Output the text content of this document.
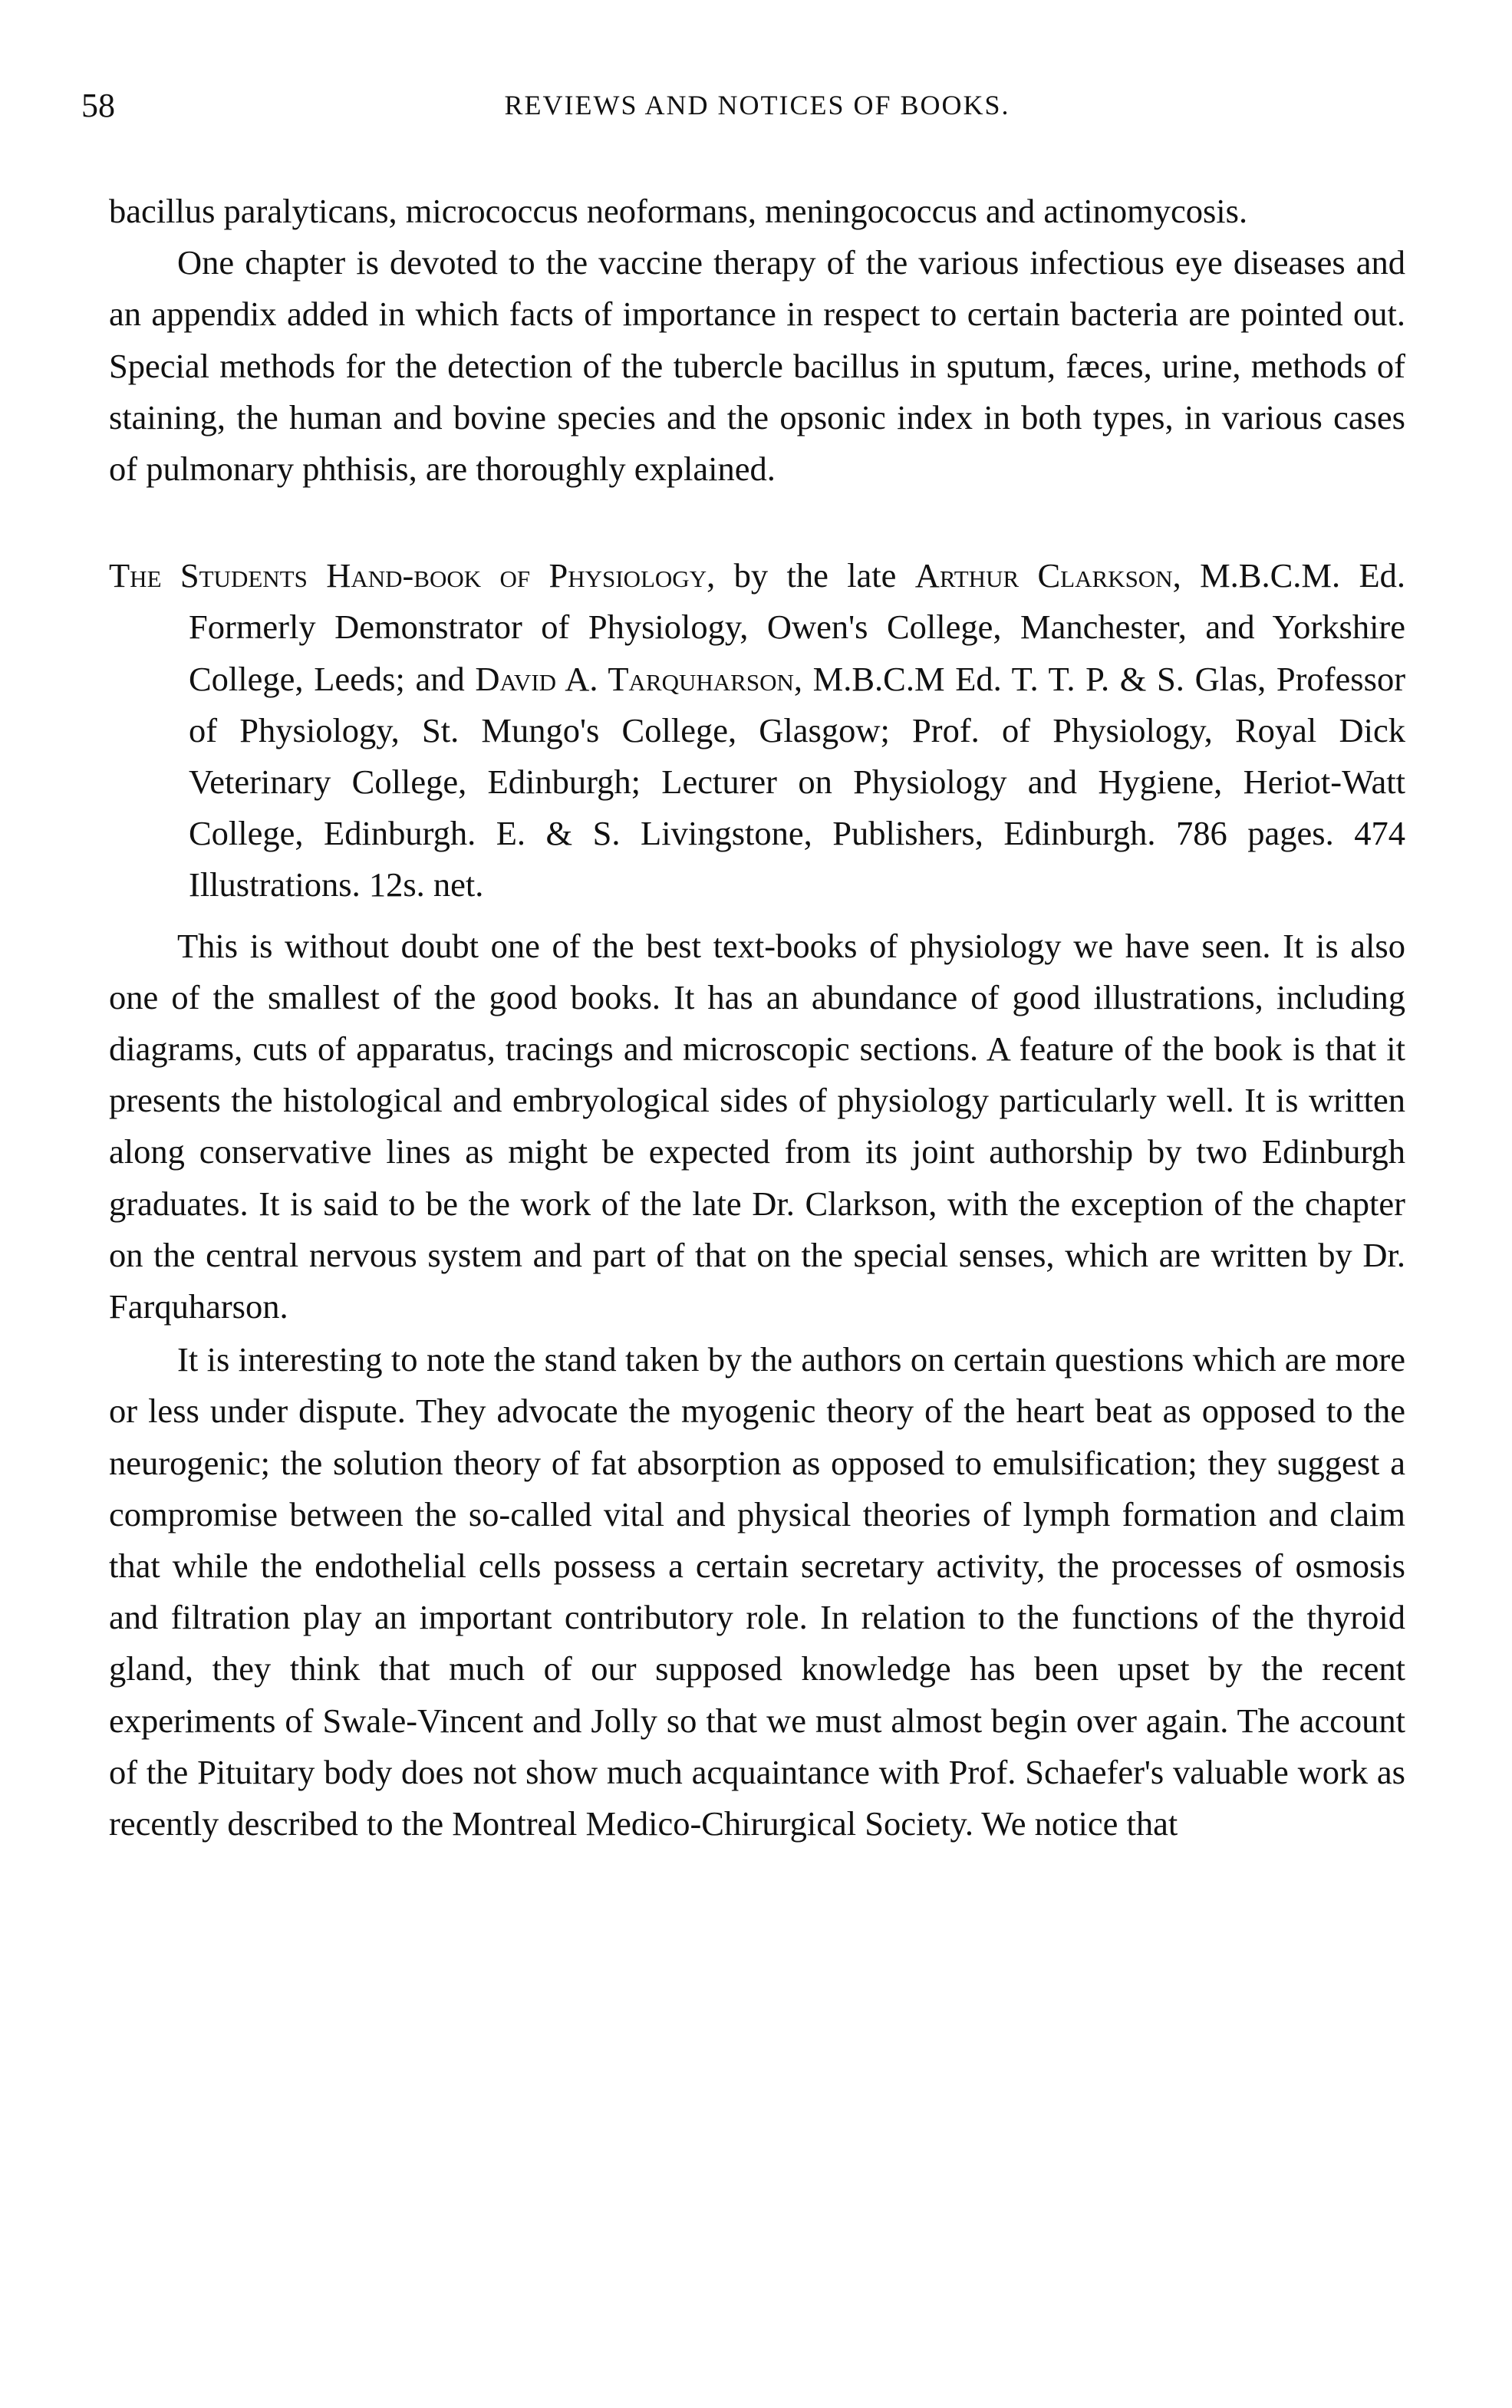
58	REVIEWS AND NOTICES OF BOOKS.

bacillus paralyticans, micrococcus neoformans, meningococcus and actinomycosis.

One chapter is devoted to the vaccine therapy of the various infectious eye diseases and an appendix added in which facts of importance in respect to certain bacteria are pointed out. Special methods for the detection of the tubercle bacillus in sputum, fæces, urine, methods of staining, the human and bovine species and the opsonic index in both types, in various cases of pulmonary phthisis, are thoroughly explained.

The Students Hand-book of Physiology, by the late Arthur Clarkson, M.B.C.M. Ed. Formerly Demonstrator of Physiology, Owen's College, Manchester, and Yorkshire College, Leeds; and David A. Tarquharson, M.B.C.M Ed. T. T. P. & S. Glas, Professor of Physiology, St. Mungo's College, Glasgow; Prof. of Physiology, Royal Dick Veterinary College, Edinburgh; Lecturer on Physiology and Hygiene, Heriot-Watt College, Edinburgh. E. & S. Livingstone, Publishers, Edinburgh. 786 pages. 474 Illustrations. 12s. net.

This is without doubt one of the best text-books of physiology we have seen. It is also one of the smallest of the good books. It has an abundance of good illustrations, including diagrams, cuts of apparatus, tracings and microscopic sections. A feature of the book is that it presents the histological and embryological sides of physiology particularly well. It is written along conservative lines as might be expected from its joint authorship by two Edinburgh graduates. It is said to be the work of the late Dr. Clarkson, with the exception of the chapter on the central nervous system and part of that on the special senses, which are written by Dr. Farquharson.

It is interesting to note the stand taken by the authors on certain questions which are more or less under dispute. They advocate the myogenic theory of the heart beat as opposed to the neurogenic; the solution theory of fat absorption as opposed to emulsification; they suggest a compromise between the so-called vital and physical theories of lymph formation and claim that while the endothelial cells possess a certain secretary activity, the processes of osmosis and filtration play an important contributory role. In relation to the functions of the thyroid gland, they think that much of our supposed knowledge has been upset by the recent experiments of Swale-Vincent and Jolly so that we must almost begin over again. The account of the Pituitary body does not show much acquaintance with Prof. Schaefer's valuable work as recently described to the Montreal Medico-Chirurgical Society. We notice that
